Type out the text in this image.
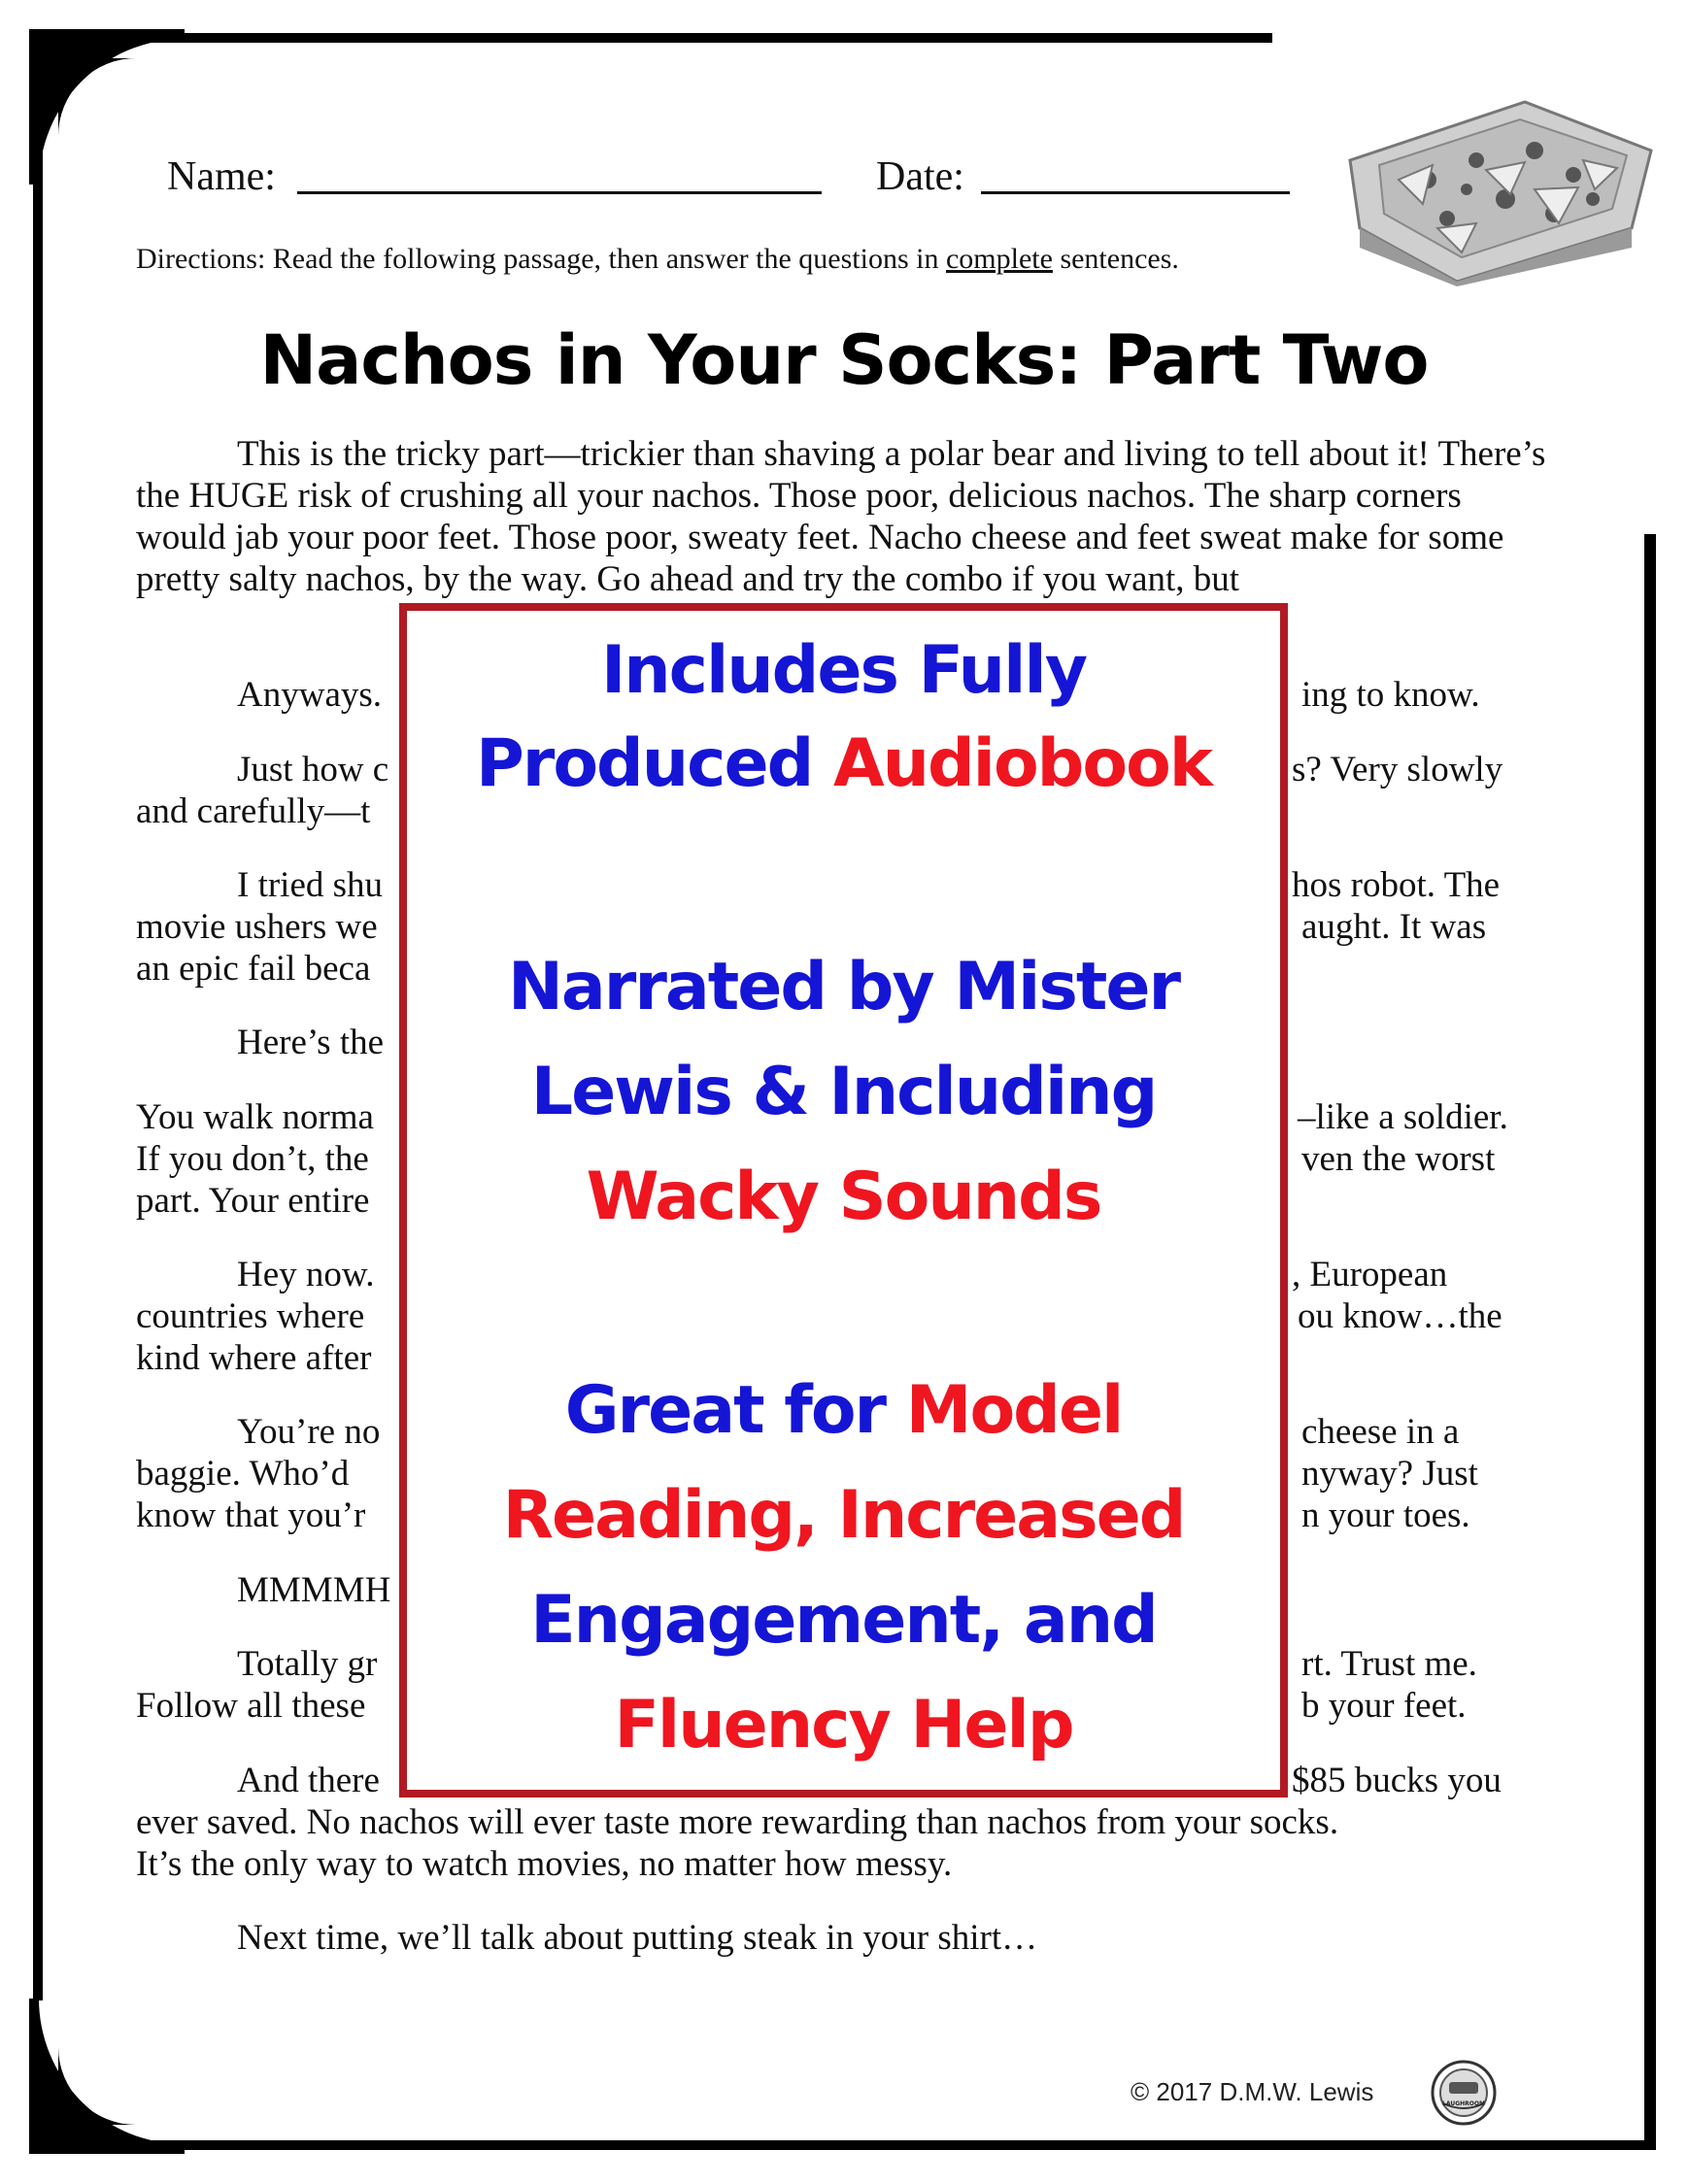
Name:	Date:
Directions: Read the following passage, then answer the questions in complete sentences.
Nachos in Your Socks: Part Two

This is the tricky part—trickier than shaving a polar bear and living to tell about it! There’s the HUGE risk of crushing all your nachos. Those poor, delicious nachos. The sharp corners would jab your poor feet. Those poor, sweaty feet. Nacho cheese and feet sweat make for some pretty salty nachos, by the way. Go ahead and try the combo if you want, but

Anyways.	ing to know.

Just how c	s? Very slowly

and carefully—t

I tried shu	hos robot. The

movie ushers we	aught. It was

an epic fail beca

Here’s the

You walk norma	–like a soldier.

If you don’t, the	ven the worst

part. Your entire

Hey now.	, European

countries where	ou know…the

kind where after

You’re no	cheese in a

baggie. Who’d	nyway? Just

know that you’r	n your toes.

MMMMH

Totally gr	rt. Trust me.

Follow all these	b your feet.

And there	$85 bucks you

ever saved. No nachos will ever taste more rewarding than nachos from your socks.

It’s the only way to watch movies, no matter how messy.

Next time, we’ll talk about putting steak in your shirt…

Includes Fully
Produced Audiobook
Narrated by Mister
Lewis & Including
Wacky Sounds
Great for Model
Reading, Increased
Engagement, and
Fluency Help
© 2017 D.M.W. Lewis	LAUGHROOM
